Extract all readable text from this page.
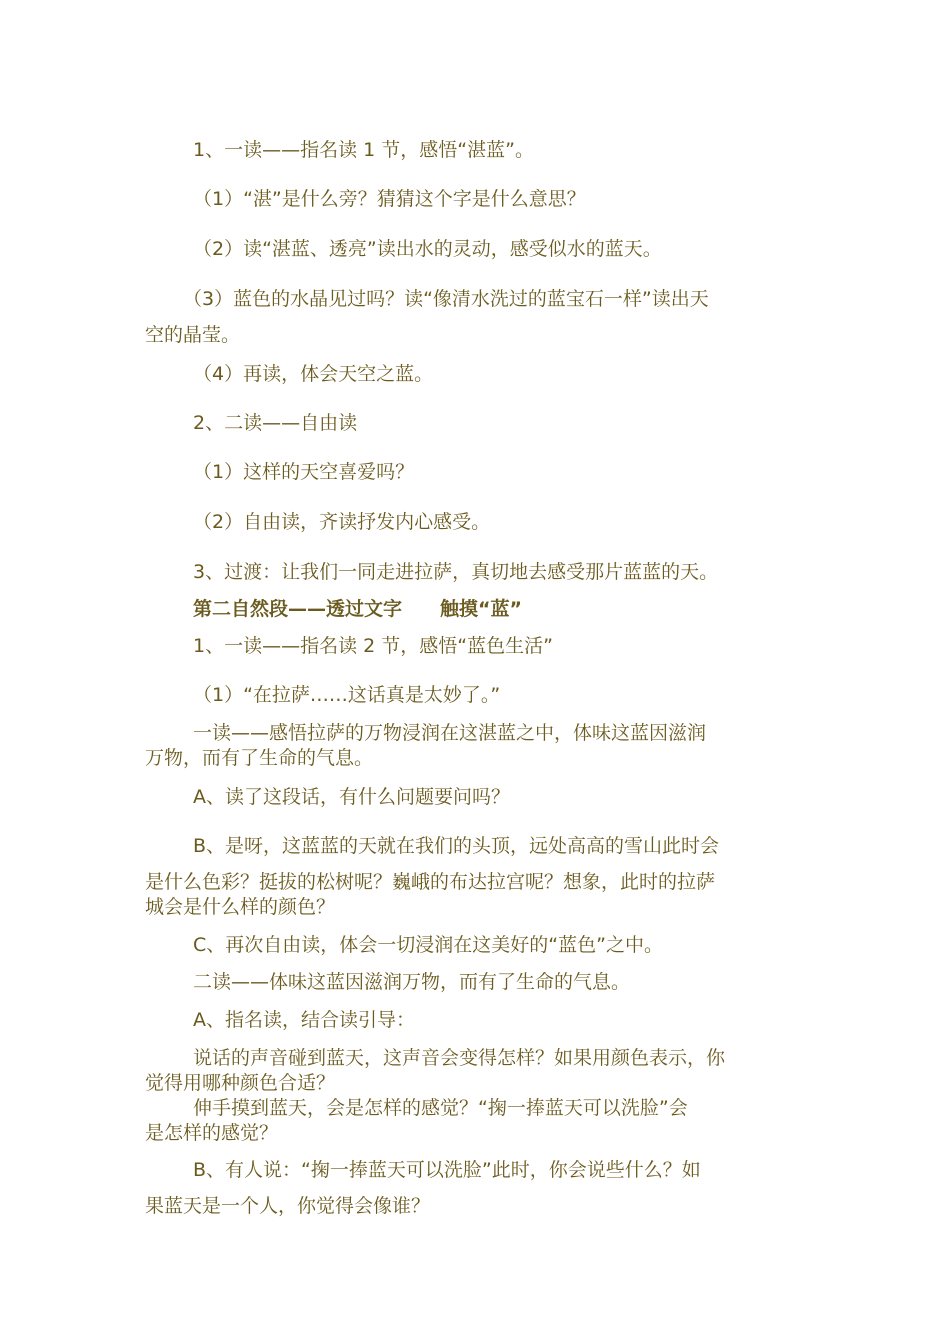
1、一读——指名读 1 节，感悟“湛蓝”。
（1）“湛”是什么旁？猜猜这个字是什么意思？
（2）读“湛蓝、透亮”读出水的灵动，感受似水的蓝天。
（3）蓝色的水晶见过吗？读“像清水洗过的蓝宝石一样”读出天
空的晶莹。
（4）再读，体会天空之蓝。
2、二读——自由读
（1）这样的天空喜爱吗？
（2）自由读，齐读抒发内心感受。
3、过渡：让我们一同走进拉萨，真切地去感受那片蓝蓝的天。
第二自然段——透过文字　　触摸“蓝”
1、一读——指名读 2 节，感悟“蓝色生活”
（1）“在拉萨……这话真是太妙了。”
一读——感悟拉萨的万物浸润在这湛蓝之中，体味这蓝因滋润
万物，而有了生命的气息。
A、读了这段话，有什么问题要问吗？
B、是呀，这蓝蓝的天就在我们的头顶，远处高高的雪山此时会
是什么色彩？挺拔的松树呢？巍峨的布达拉宫呢？想象，此时的拉萨
城会是什么样的颜色？
C、再次自由读，体会一切浸润在这美好的“蓝色”之中。
二读——体味这蓝因滋润万物，而有了生命的气息。
A、指名读，结合读引导：
说话的声音碰到蓝天，这声音会变得怎样？如果用颜色表示，你
觉得用哪种颜色合适？
伸手摸到蓝天，会是怎样的感觉？“掬一捧蓝天可以洗脸”会
是怎样的感觉？
B、有人说：“掬一捧蓝天可以洗脸”此时，你会说些什么？如
果蓝天是一个人，你觉得会像谁？
